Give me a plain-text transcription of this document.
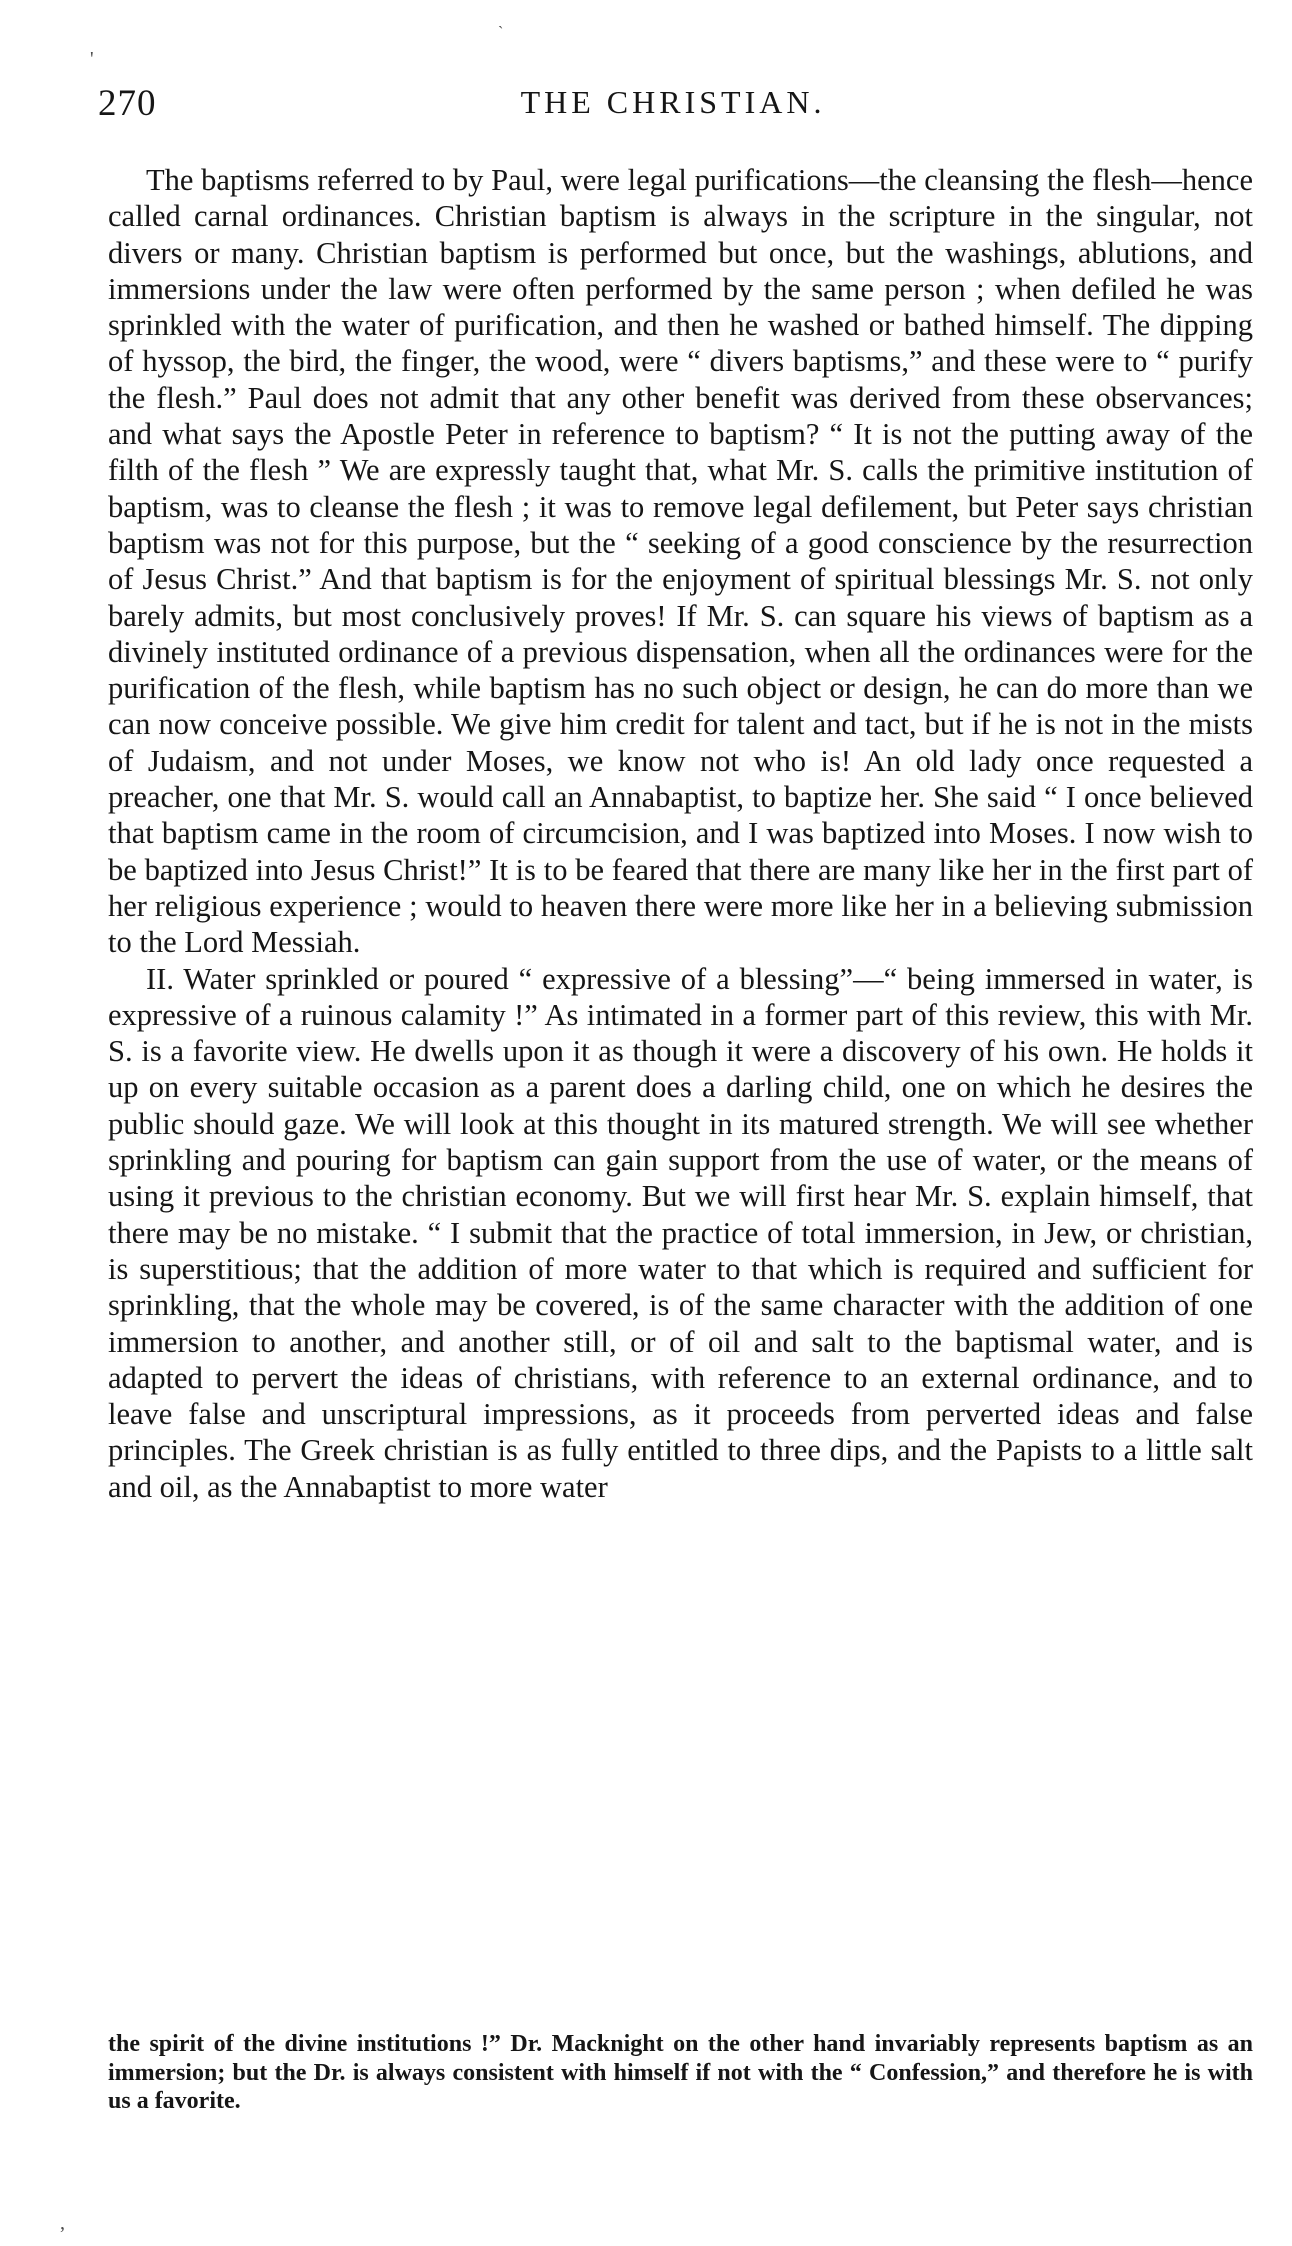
'
ˋ
270	THE CHRISTIAN.

The baptisms referred to by Paul, were legal purifications—the cleansing the flesh—hence called carnal ordinances. Christian baptism is always in the scripture in the singular, not divers or many. Christian baptism is performed but once, but the washings, ablutions, and immersions under the law were often performed by the same person ; when defiled he was sprinkled with the water of purification, and then he washed or bathed himself. The dipping of hyssop, the bird, the finger, the wood, were “ divers baptisms,” and these were to “ purify the flesh.” Paul does not admit that any other benefit was derived from these observances; and what says the Apostle Peter in reference to baptism? “ It is not the putting away of the filth of the flesh ” We are expressly taught that, what Mr. S. calls the primitive institution of baptism, was to cleanse the flesh ; it was to remove legal defilement, but Peter says christian baptism was not for this purpose, but the “ seeking of a good conscience by the resurrection of Jesus Christ.” And that baptism is for the enjoyment of spiritual blessings Mr. S. not only barely admits, but most conclusively proves! If Mr. S. can square his views of baptism as a divinely instituted ordinance of a previous dispensation, when all the ordinances were for the purification of the flesh, while baptism has no such object or design, he can do more than we can now conceive possible. We give him credit for talent and tact, but if he is not in the mists of Judaism, and not under Moses, we know not who is! An old lady once requested a preacher, one that Mr. S. would call an Annabaptist, to baptize her. She said “ I once believed that baptism came in the room of circumcision, and I was baptized into Moses. I now wish to be baptized into Jesus Christ!” It is to be feared that there are many like her in the first part of her religious experience ; would to heaven there were more like her in a believing submission to the Lord Messiah.

II. Water sprinkled or poured “ expressive of a blessing”—“ being immersed in water, is expressive of a ruinous calamity !” As intimated in a former part of this review, this with Mr. S. is a favorite view. He dwells upon it as though it were a discovery of his own. He holds it up on every suitable occasion as a parent does a darling child, one on which he desires the public should gaze. We will look at this thought in its matured strength. We will see whether sprinkling and pouring for baptism can gain support from the use of water, or the means of using it previous to the christian economy. But we will first hear Mr. S. explain himself, that there may be no mistake. “ I submit that the practice of total immersion, in Jew, or christian, is superstitious; that the addition of more water to that which is required and sufficient for sprinkling, that the whole may be covered, is of the same character with the addition of one immersion to another, and another still, or of oil and salt to the baptismal water, and is adapted to pervert the ideas of christians, with reference to an external ordinance, and to leave false and unscriptural impressions, as it proceeds from perverted ideas and false principles. The Greek christian is as fully entitled to three dips, and the Papists to a little salt and oil, as the Annabaptist to more water

the spirit of the divine institutions !” Dr. Macknight on the other hand invariably represents baptism as an immersion; but the Dr. is always consistent with himself if not with the “ Confession,” and therefore he is with us a favorite.

,
